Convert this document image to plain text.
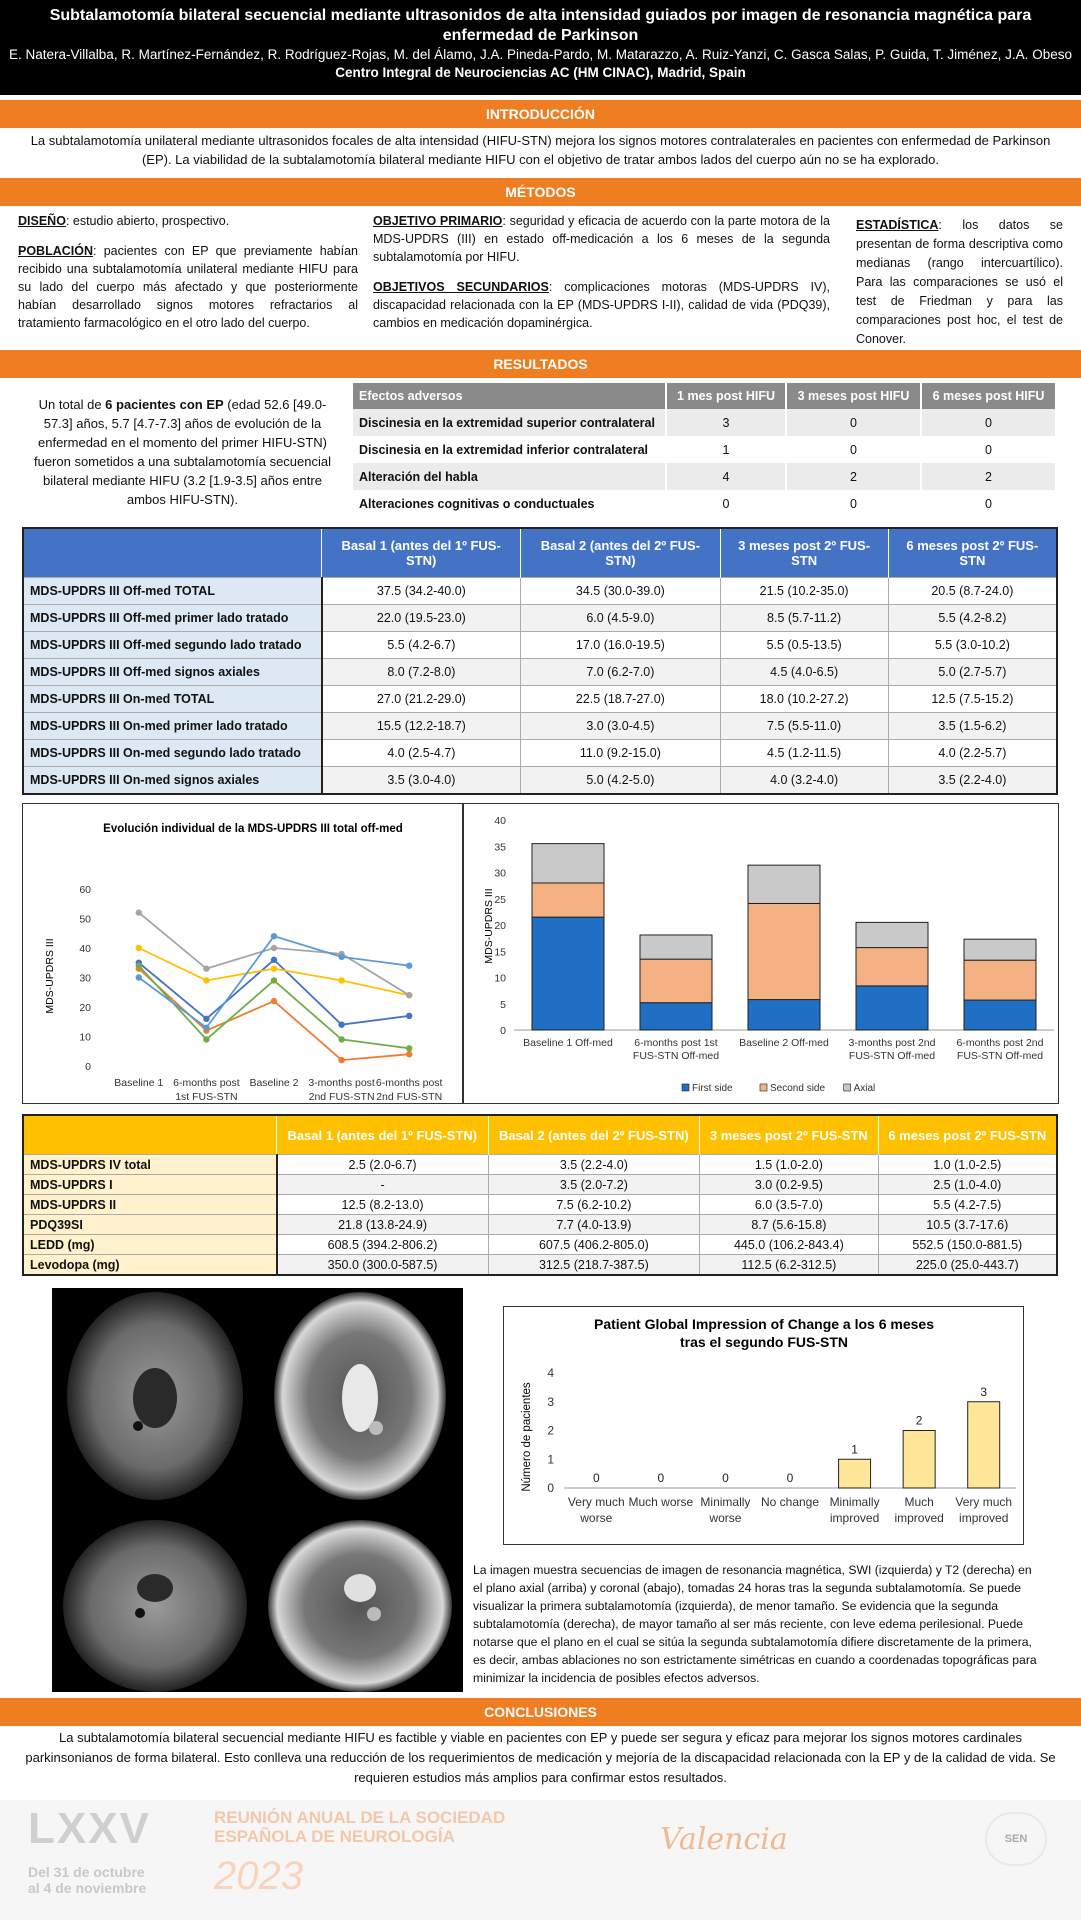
Subtalamotomía bilateral secuencial mediante ultrasonidos de alta intensidad guiados por imagen de resonancia magnética para enfermedad de Parkinson
E. Natera-Villalba, R. Martínez-Fernández, R. Rodríguez-Rojas, M. del Álamo, J.A. Pineda-Pardo, M. Matarazzo, A. Ruiz-Yanzi, C. Gasca Salas, P. Guida, T. Jiménez, J.A. Obeso
Centro Integral de Neurociencias AC (HM CINAC), Madrid, Spain
INTRODUCCIÓN
La subtalamotomía unilateral mediante ultrasonidos focales de alta intensidad (HIFU-STN) mejora los signos motores contralaterales en pacientes con enfermedad de Parkinson (EP). La viabilidad de la subtalamotomía bilateral mediante HIFU con el objetivo de tratar ambos lados del cuerpo aún no se ha explorado.
MÉTODOS
DISEÑO: estudio abierto, prospectivo.
POBLACIÓN: pacientes con EP que previamente habían recibido una subtalamotomía unilateral mediante HIFU para su lado del cuerpo más afectado y que posteriormente habían desarrollado signos motores refractarios al tratamiento farmacológico en el otro lado del cuerpo.
OBJETIVO PRIMARIO: seguridad y eficacia de acuerdo con la parte motora de la MDS-UPDRS (III) en estado off-medicación a los 6 meses de la segunda subtalamotomía por HIFU.
OBJETIVOS SECUNDARIOS: complicaciones motoras (MDS-UPDRS IV), discapacidad relacionada con la EP (MDS-UPDRS I-II), calidad de vida (PDQ39), cambios en medicación dopaminérgica.
ESTADÍSTICA: los datos se presentan de forma descriptiva como medianas (rango intercuartílico). Para las comparaciones se usó el test de Friedman y para las comparaciones post hoc, el test de Conover.
RESULTADOS
Un total de 6 pacientes con EP (edad 52.6 [49.0-57.3] años, 5.7 [4.7-7.3] años de evolución de la enfermedad en el momento del primer HIFU-STN) fueron sometidos a una subtalamotomía secuencial bilateral mediante HIFU (3.2 [1.9-3.5] años entre ambos HIFU-STN).
Efectos adversos	1 mes post HIFU	3 meses post HIFU	6 meses post HIFU
Discinesia en la extremidad superior contralateral	3	0	0
Discinesia en la extremidad inferior contralateral	1	0	0
Alteración del habla	4	2	2
Alteraciones cognitivas o conductuales	0	0	0
	Basal 1 (antes del 1º FUS-STN)	Basal 2 (antes del 2º FUS-STN)	3 meses post 2º FUS-STN	6 meses post 2º FUS-STN
MDS-UPDRS III Off-med TOTAL	37.5 (34.2-40.0)	34.5 (30.0-39.0)	21.5 (10.2-35.0)	20.5 (8.7-24.0)
MDS-UPDRS III Off-med primer lado tratado	22.0 (19.5-23.0)	6.0 (4.5-9.0)	8.5 (5.7-11.2)	5.5 (4.2-8.2)
MDS-UPDRS III Off-med segundo lado tratado	5.5 (4.2-6.7)	17.0 (16.0-19.5)	5.5 (0.5-13.5)	5.5 (3.0-10.2)
MDS-UPDRS III Off-med signos axiales	8.0 (7.2-8.0)	7.0 (6.2-7.0)	4.5 (4.0-6.5)	5.0 (2.7-5.7)
MDS-UPDRS III On-med TOTAL	27.0 (21.2-29.0)	22.5 (18.7-27.0)	18.0 (10.2-27.2)	12.5 (7.5-15.2)
MDS-UPDRS III On-med primer lado tratado	15.5 (12.2-18.7)	3.0 (3.0-4.5)	7.5 (5.5-11.0)	3.5 (1.5-6.2)
MDS-UPDRS III On-med segundo lado tratado	4.0 (2.5-4.7)	11.0 (9.2-15.0)	4.5 (1.2-11.5)	4.0 (2.2-5.7)
MDS-UPDRS III On-med signos axiales	3.5 (3.0-4.0)	5.0 (4.2-5.0)	4.0 (3.2-4.0)	3.5 (2.2-4.0)
Evolución individual de la MDS-UPDRS III total off-med
MDS-UPDRS III
0
10
20
30
40
50
60
Baseline 1 6-months post
1st FUS-STN
Baseline 2 3-months post
2nd FUS-STN
6-months post
2nd FUS-STN
MDS-UPDRS III
0
5
10
15
20
25
30
35
40
Baseline 1 Off-med 6-months post 1st
FUS-STN Off-med
Baseline 2 Off-med 3-months post 2nd
FUS-STN Off-med
6-months post 2nd
FUS-STN Off-med
First side	Second side	Axial
	Basal 1 (antes del 1º FUS-STN)	Basal 2 (antes del 2º FUS-STN)	3 meses post 2º FUS-STN	6 meses post 2º FUS-STN
MDS-UPDRS IV total	2.5 (2.0-6.7)	3.5 (2.2-4.0)	1.5 (1.0-2.0)	1.0 (1.0-2.5)
MDS-UPDRS I	-	3.5 (2.0-7.2)	3.0 (0.2-9.5)	2.5 (1.0-4.0)
MDS-UPDRS II	12.5 (8.2-13.0)	7.5 (6.2-10.2)	6.0 (3.5-7.0)	5.5 (4.2-7.5)
PDQ39SI	21.8 (13.8-24.9)	7.7 (4.0-13.9)	8.7 (5.6-15.8)	10.5 (3.7-17.6)
LEDD (mg)	608.5 (394.2-806.2)	607.5 (406.2-805.0)	445.0 (106.2-843.4)	552.5 (150.0-881.5)
Levodopa (mg)	350.0 (300.0-587.5)	312.5 (218.7-387.5)	112.5 (6.2-312.5)	225.0 (25.0-443.7)
Patient Global Impression of Change a los 6 meses tras el segundo FUS-STN
Número de pacientes 0
1
2
3
4
0	0	0	0
1
2
3
Very much
worse
Much worse Minimally
worse
No change Minimally
improved
Much
improved
Very much
improved
La imagen muestra secuencias de imagen de resonancia magnética, SWI (izquierda) y T2 (derecha) en el plano axial (arriba) y coronal (abajo), tomadas 24 horas tras la segunda subtalamotomía. Se puede visualizar la primera subtalamotomía (izquierda), de menor tamaño. Se evidencia que la segunda subtalamotomía (derecha), de mayor tamaño al ser más reciente, con leve edema perilesional. Puede notarse que el plano en el cual se sitúa la segunda subtalamotomía difiere discretamente de la primera, es decir, ambas ablaciones no son estrictamente simétricas en cuando a coordenadas topográficas para minimizar la incidencia de posibles efectos adversos.
CONCLUSIONES
La subtalamotomía bilateral secuencial mediante HIFU es factible y viable en pacientes con EP y puede ser segura y eficaz para mejorar los signos motores cardinales parkinsonianos de forma bilateral. Esto conlleva una reducción de los requerimientos de medicación y mejoría de la discapacidad relacionada con la EP y de la calidad de vida. Se requieren estudios más amplios para confirmar estos resultados.
LXXV	REUNIÓN ANUAL DE LA SOCIEDAD
ESPAÑOLA DE NEUROLOGÍA
Del 31 de octubre
al 4 de noviembre 2023
Valencia	SEN
